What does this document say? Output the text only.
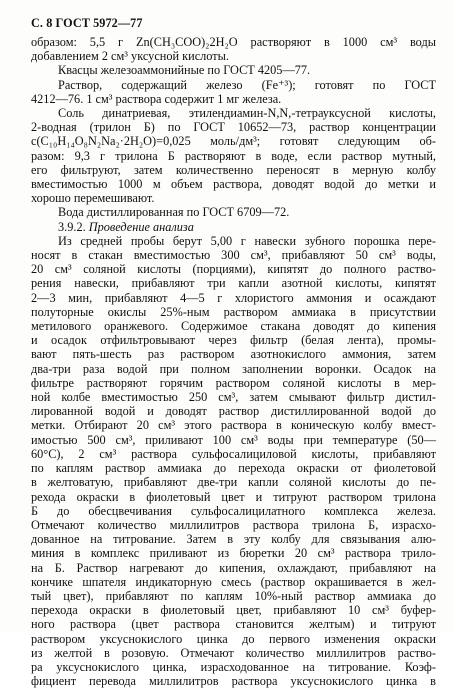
С. 8 ГОСТ 5972—77
образом: 5,5 г Zn(CH₃COO)₂2H₂O растворяют в 1000 см³ воды
добавлением 2 см³ уксусной кислоты.
Квасцы железоаммонийные по ГОСТ 4205—77.
Раствор, содержащий железо (Fe⁺³); готовят по ГОСТ
4212—76. 1 см³ раствора содержит 1 мг железа.
Соль динатриевая, этилендиамин-N,N,-тетрауксусной кислоты,
2-водная (трилон Б) по ГОСТ 10652—73, раствор концентрации
c(C₁₀H₁₄O₈N₂Na₂·2H₂O)=0,025 моль/дм³; готовят следующим об-
разом: 9,3 г трилона Б растворяют в воде, если раствор мутный,
его фильтруют, затем количественно переносят в мерную колбу
вместимостью 1000 м объем раствора, доводят водой до метки и
хорошо перемешивают.
Вода дистиллированная по ГОСТ 6709—72.
3.9.2. Проведение анализа
Из средней пробы берут 5,00 г навески зубного порошка пере-
носят в стакан вместимостью 300 см³, прибавляют 50 см³ воды,
20 см³ соляной кислоты (порциями), кипятят до полного раство-
рения навески, прибавляют три капли азотной кислоты, кипятят
2—3 мин, прибавляют 4—5 г хлористого аммония и осаждают
полуторные окислы 25%-ным раствором аммиака в присутствии
метилового оранжевого. Содержимое стакана доводят до кипения
и осадок отфильтровывают через фильтр (белая лента), промы-
вают пять-шесть раз раствором азотнокислого аммония, затем
два-три раза водой при полном заполнении воронки. Осадок на
фильтре растворяют горячим раствором соляной кислоты в мер-
ной колбе вместимостью 250 см³, затем смывают фильтр дистил-
лированной водой и доводят раствор дистиллированной водой до
метки. Отбирают 20 см³ этого раствора в коническую колбу вмест-
имостью 500 см³, приливают 100 см³ воды при температуре (50—
60°С), 2 см³ раствора сульфосалициловой кислоты, прибавляют
по каплям раствор аммиака до перехода окраски от фиолетовой
в желтоватую, прибавляют две-три капли соляной кислоты до пе-
рехода окраски в фиолетовый цвет и титруют раствором трилона
Б до обесцвечивания сульфосалицилатного комплекса железа.
Отмечают количество миллилитров раствора трилона Б, израсхо-
дованное на титрование. Затем в эту колбу для связывания алю-
миния в комплекс приливают из бюретки 20 см³ раствора трило-
на Б. Раствор нагревают до кипения, охлаждают, прибавляют на
кончике шпателя индикаторную смесь (раствор окрашивается в жел-
тый цвет), прибавляют по каплям 10%-ный раствор аммиака до
перехода окраски в фиолетовый цвет, прибавляют 10 см³ буфер-
ного раствора (цвет раствора становится желтым) и титруют
раствором уксуснокислого цинка до первого изменения окраски
из желтой в розовую. Отмечают количество миллилитров раство-
ра уксуснокислого цинка, израсходованное на титрование. Коэф-
фициент перевода миллилитров раствора уксуснокислого цинка в
